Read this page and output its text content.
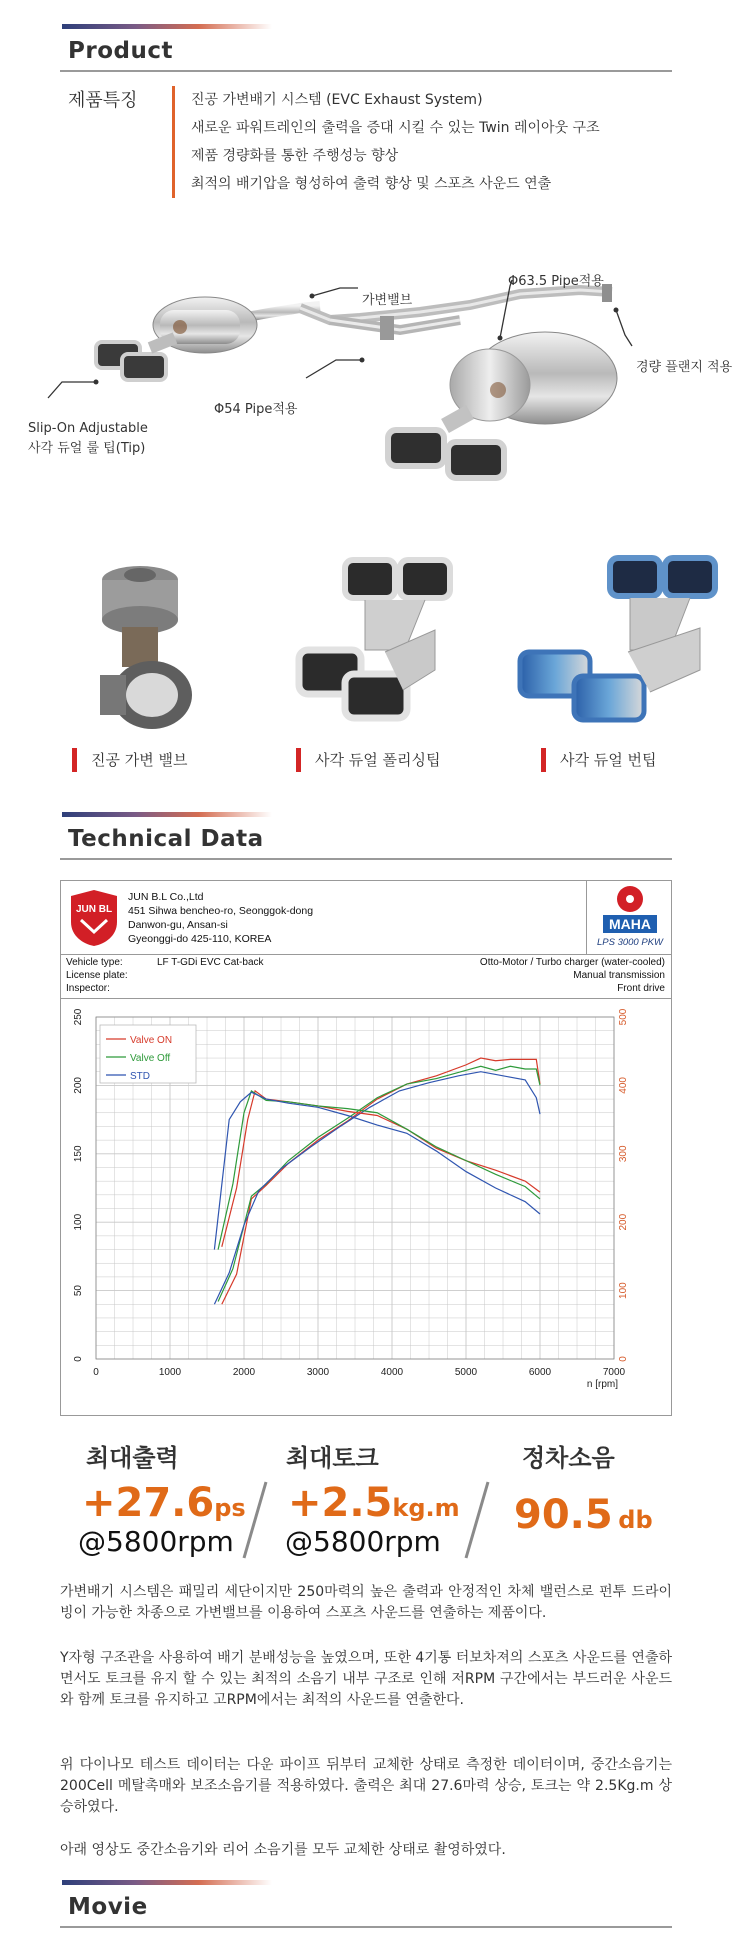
Product
제품특징	진공 가변배기 시스템 (EVC Exhaust System)
새로운 파워트레인의 출력을 증대 시킬 수 있는 Twin 레이아웃 구조
제품 경량화를 통한 주행성능 향상
최적의 배기압을 형성하여 출력 향상 및 스포츠 사운드 연출
가변밸브
Φ63.5 Pipe적용
경량 플랜지 적용
Φ54 Pipe적용
Slip-On Adjustable
사각 듀얼 룰 팁(Tip)
진공 가변 밸브	사각 듀얼 폴리싱팁	사각 듀얼 번팁
Technical Data
JUN BL
JUN B.L Co.,Ltd
451 Sihwa bencheo-ro, Seonggok-dong
Danwon-gu, Ansan-si
Gyeonggi-do 425-110, KOREA
MAHA
LPS 3000 PKW
Vehicle type:	LF T-GDi EVC Cat-back
License plate:
Inspector:
Otto-Motor / Turbo charger (water-cooled)
Manual transmission
Front drive
0	1000	2000	3000	4000	5000	6000	7000
n [rpm]
0
50
100
150
200
250
0
100
200
300
400
500
Valve ON
Valve Off
STD
최대출력
+27.6ps
@5800rpm
최대토크
+2.5kg.m
@5800rpm
정차소음
90.5 db
가변배기 시스템은 패밀리 세단이지만 250마력의 높은 출력과 안정적인 차체 밸런스로 펀투 드라이빙이 가능한 차종으로 가변밸브를 이용하여 스포츠 사운드를 연출하는 제품이다.
Y자형 구조관을 사용하여 배기 분배성능을 높였으며, 또한 4기통 터보차져의 스포츠 사운드를 연출하면서도 토크를 유지 할 수 있는 최적의 소음기 내부 구조로 인해 저RPM 구간에서는 부드러운 사운드와 함께 토크를 유지하고 고RPM에서는 최적의 사운드를 연출한다.
위 다이나모 테스트 데이터는 다운 파이프 뒤부터 교체한 상태로 측정한 데이터이며, 중간소음기는 200Cell 메탈촉매와 보조소음기를 적용하였다. 출력은 최대 27.6마력 상승, 토크는 약 2.5Kg.m 상승하였다.
아래 영상도 중간소음기와 리어 소음기를 모두 교체한 상태로 촬영하였다.
Movie
